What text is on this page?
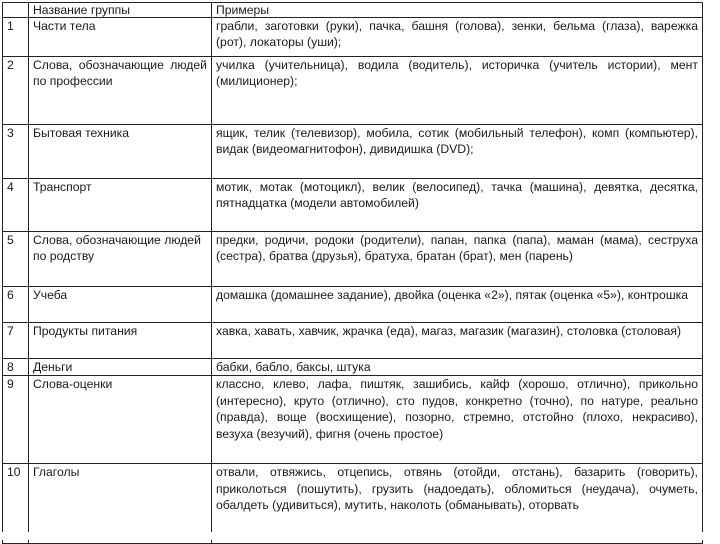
	Название группы	Примеры
1	Части тела	грабли, заготовки (руки), пачка, башня (голова), зенки, бельма (глаза), варежка (рот), локаторы (уши);
2	Слова, обозначающие людей по профессии	училка (учительница), водила (водитель), историчка (учитель истории), мент (милиционер);
3	Бытовая техника	ящик, телик (телевизор), мобила, сотик (мобильный телефон), комп (компьютер), видак (видеомагнитофон), дивидишка (DVD);
4	Транспорт	мотик, мотак (мотоцикл), велик (велосипед), тачка (машина), девятка, десятка, пятнадцатка (модели автомобилей)
5	Слова, обозначающие людей по родству	предки, родичи, родоки (родители), папан, папка (папа), маман (мама), сеструха (сестра), братва (друзья), братуха, братан (брат), мен (парень)
6	Учеба	домашка (домашнее задание), двойка (оценка «2»), пятак (оценка «5»), контрошка
7	Продукты питания	хавка, хавать, хавчик, жрачка (еда), магаз, магазик (магазин), столовка (столовая)
8	Деньги	бабки, бабло, баксы, штука
9	Слова-оценки	классно, клево, лафа, пиштяк, зашибись, кайф (хорошо, отлично), прикольно (интересно), круто (отлично), сто пудов, конкретно (точно), по натуре, реально (правда), воще (восхищение), позорно, стремно, отстойно (плохо, некрасиво), везуха (везучий), фигня (очень простое)
10	Глаголы	отвали, отвяжись, отцепись, отвянь (отойди, отстань), базарить (говорить), приколоться (пошутить), грузить (надоедать), обломиться (неудача), очуметь, обалдеть (удивиться), мутить, наколоть (обманывать), оторвать
